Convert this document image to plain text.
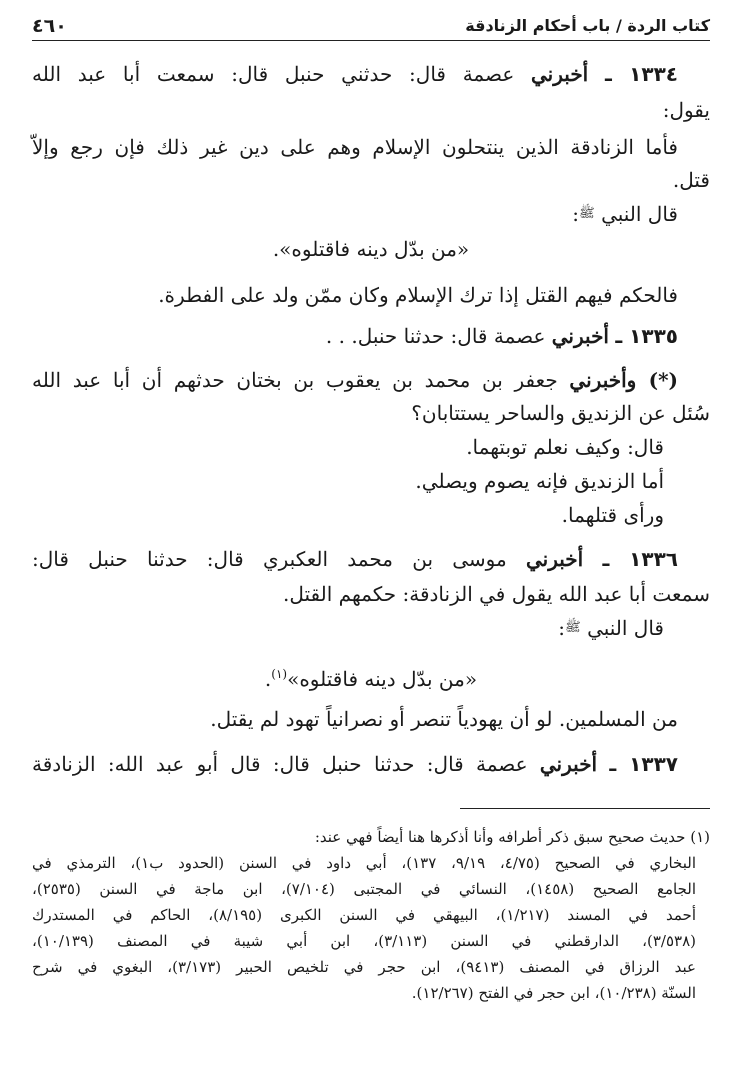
كتاب الردة / باب أحكام الزنادقة
٤٦٠
١٣٣٤ ـ أخبرني عصمة قال: حدثني حنبل قال: سمعت أبا عبد الله
يقول:
فأما الزنادقة الذين ينتحلون الإسلام وهم على دين غير ذلك فإن رجع وإلاّ
قتل.
قال النبي $^ﷺ$:
«من بدّل دينه فاقتلوه».
فالحكم فيهم القتل إذا ترك الإسلام وكان ممّن ولد على الفطرة.
١٣٣٥ ـ أخبرني عصمة قال: حدثنا حنبل. . .
(*) وأخبرني جعفر بن محمد بن يعقوب بن بختان حدثهم أن أبا عبد الله
سُئل عن الزنديق والساحر يستتابان؟
قال: وكيف نعلم توبتهما.
أما الزنديق فإنه يصوم ويصلي.
ورأى قتلهما.
١٣٣٦ ـ أخبرني موسى بن محمد العكبري قال: حدثنا حنبل قال:
سمعت أبا عبد الله يقول في الزنادقة: حكمهم القتل.
قال النبي $^ﷺ$:
«من بدّل دينه فاقتلوه»$^{(١)}$.
من المسلمين. لو أن يهودياً تنصر أو نصرانياً تهود لم يقتل.
١٣٣٧ ـ أخبرني عصمة قال: حدثنا حنبل قال: قال أبو عبد الله: الزنادقة
(١) حديث صحيح سبق ذكر أطرافه وأنا أذكرها هنا أيضاً فهي عند:
البخاري في الصحيح (٤/٧٥، ٩/١٩، ١٣٧)، أبي داود في السنن (الحدود ب١)، الترمذي في
الجامع الصحيح (١٤٥٨)، النسائي في المجتبى (٧/١٠٤)، ابن ماجة في السنن (٢٥٣٥)،
أحمد في المسند (١/٢١٧)، البيهقي في السنن الكبرى (٨/١٩٥)، الحاكم في المستدرك
(٣/٥٣٨)، الدارقطني في السنن (٣/١١٣)، ابن أبي شيبة في المصنف (١٠/١٣٩)،
عبد الرزاق في المصنف (٩٤١٣)، ابن حجر في تلخيص الحبير (٣/١٧٣)، البغوي في شرح
السنّة (١٠/٢٣٨)، ابن حجر في الفتح (١٢/٢٦٧).
